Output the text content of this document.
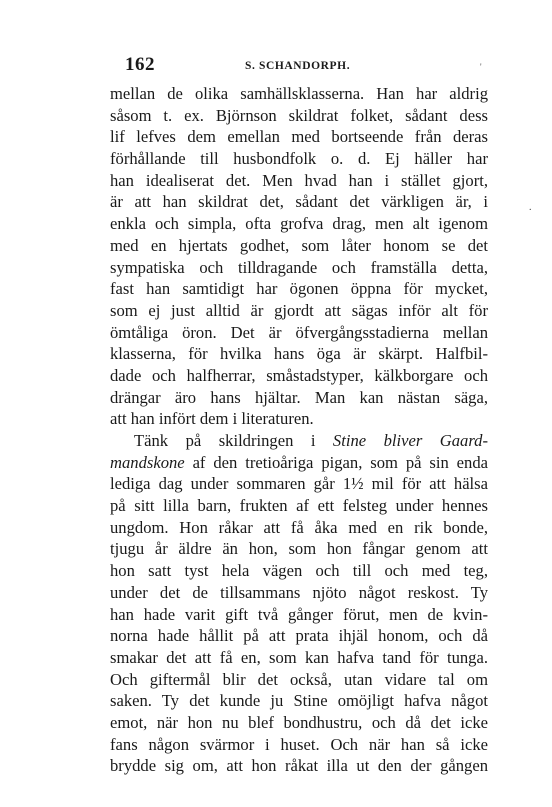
162	S. SCHANDORPH.	'
.
mellan de olika samhällsklasserna. Han har aldrig
såsom t. ex. Björnson skildrat folket, sådant dess
lif lefves dem emellan med bortseende från deras
förhållande till husbondfolk o. d. Ej häller har
han idealiserat det. Men hvad han i stället gjort,
är att han skildrat det, sådant det värkligen är, i
enkla och simpla, ofta grofva drag, men alt igenom
med en hjertats godhet, som låter honom se det
sympatiska och tilldragande och framställa detta,
fast han samtidigt har ögonen öppna för mycket,
som ej just alltid är gjordt att sägas inför alt för
ömtåliga öron. Det är öfvergångsstadierna mellan
klasserna, för hvilka hans öga är skärpt. Halfbil-
dade och halfherrar, småstadstyper, kälkborgare och
drängar äro hans hjältar. Man kan nästan säga,
att han infört dem i literaturen.
Tänk på skildringen i Stine bliver Gaard-
mandskone af den tretioåriga pigan, som på sin enda
lediga dag under sommaren går 1½ mil för att hälsa
på sitt lilla barn, frukten af ett felsteg under hennes
ungdom. Hon råkar att få åka med en rik bonde,
tjugu år äldre än hon, som hon fångar genom att
hon satt tyst hela vägen och till och med teg,
under det de tillsammans njöto något reskost. Ty
han hade varit gift två gånger förut, men de kvin-
norna hade hållit på att prata ihjäl honom, och då
smakar det att få en, som kan hafva tand för tunga.
Och giftermål blir det också, utan vidare tal om
saken. Ty det kunde ju Stine omöjligt hafva något
emot, när hon nu blef bondhustru, och då det icke
fans någon svärmor i huset. Och när han så icke
brydde sig om, att hon råkat illa ut den der gången
